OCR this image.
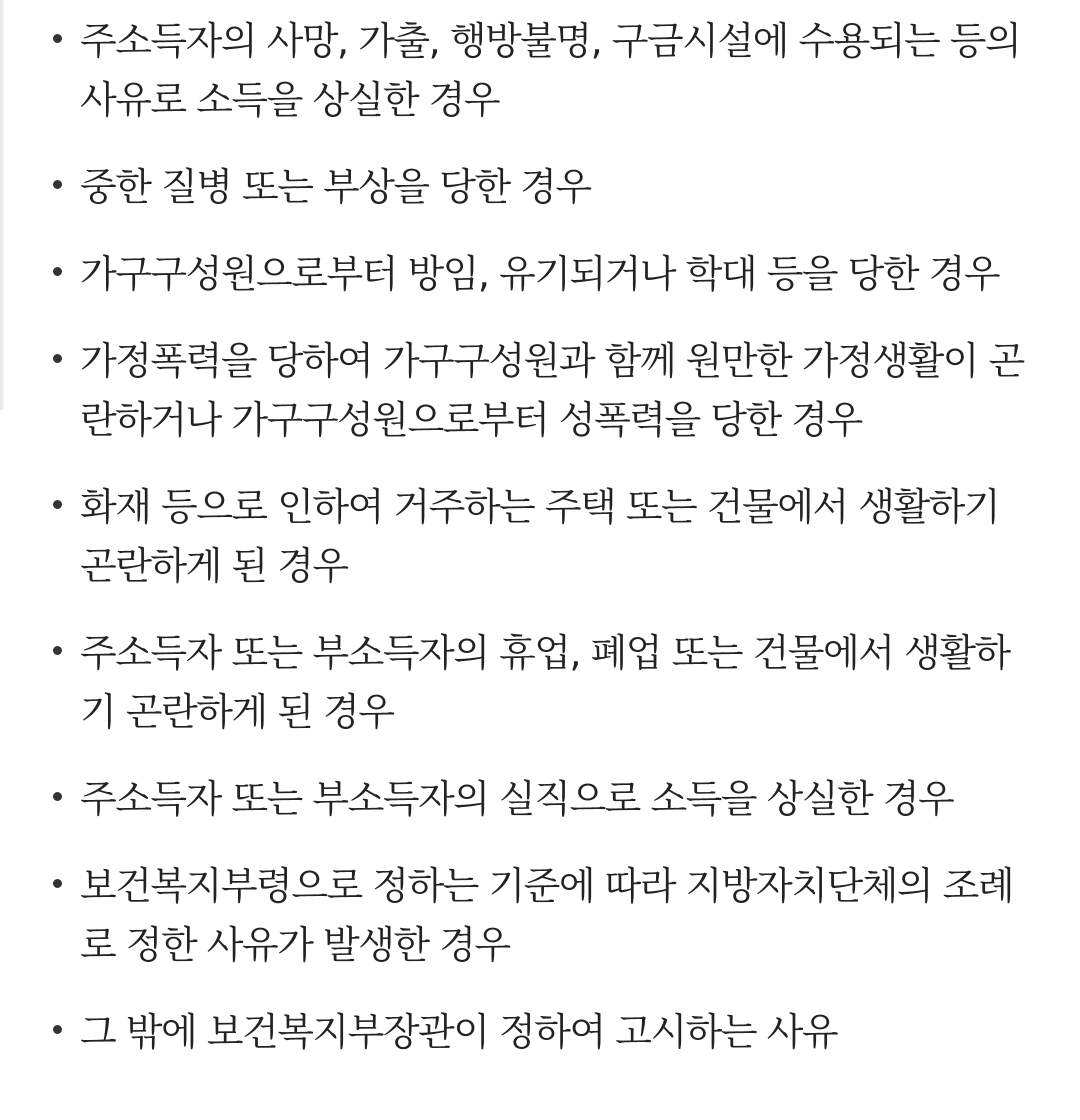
주소득자의 사망, 가출, 행방불명, 구금시설에 수용되는 등의 사유로 소득을 상실한 경우
중한 질병 또는 부상을 당한 경우
가구구성원으로부터 방임, 유기되거나 학대 등을 당한 경우
가정폭력을 당하여 가구구성원과 함께 원만한 가정생활이 곤란하거나 가구구성원으로부터 성폭력을 당한 경우
화재 등으로 인하여 거주하는 주택 또는 건물에서 생활하기 곤란하게 된 경우
주소득자 또는 부소득자의 휴업, 폐업 또는 건물에서 생활하기 곤란하게 된 경우
주소득자 또는 부소득자의 실직으로 소득을 상실한 경우
보건복지부령으로 정하는 기준에 따라 지방자치단체의 조례로 정한 사유가 발생한 경우
그 밖에 보건복지부장관이 정하여 고시하는 사유
